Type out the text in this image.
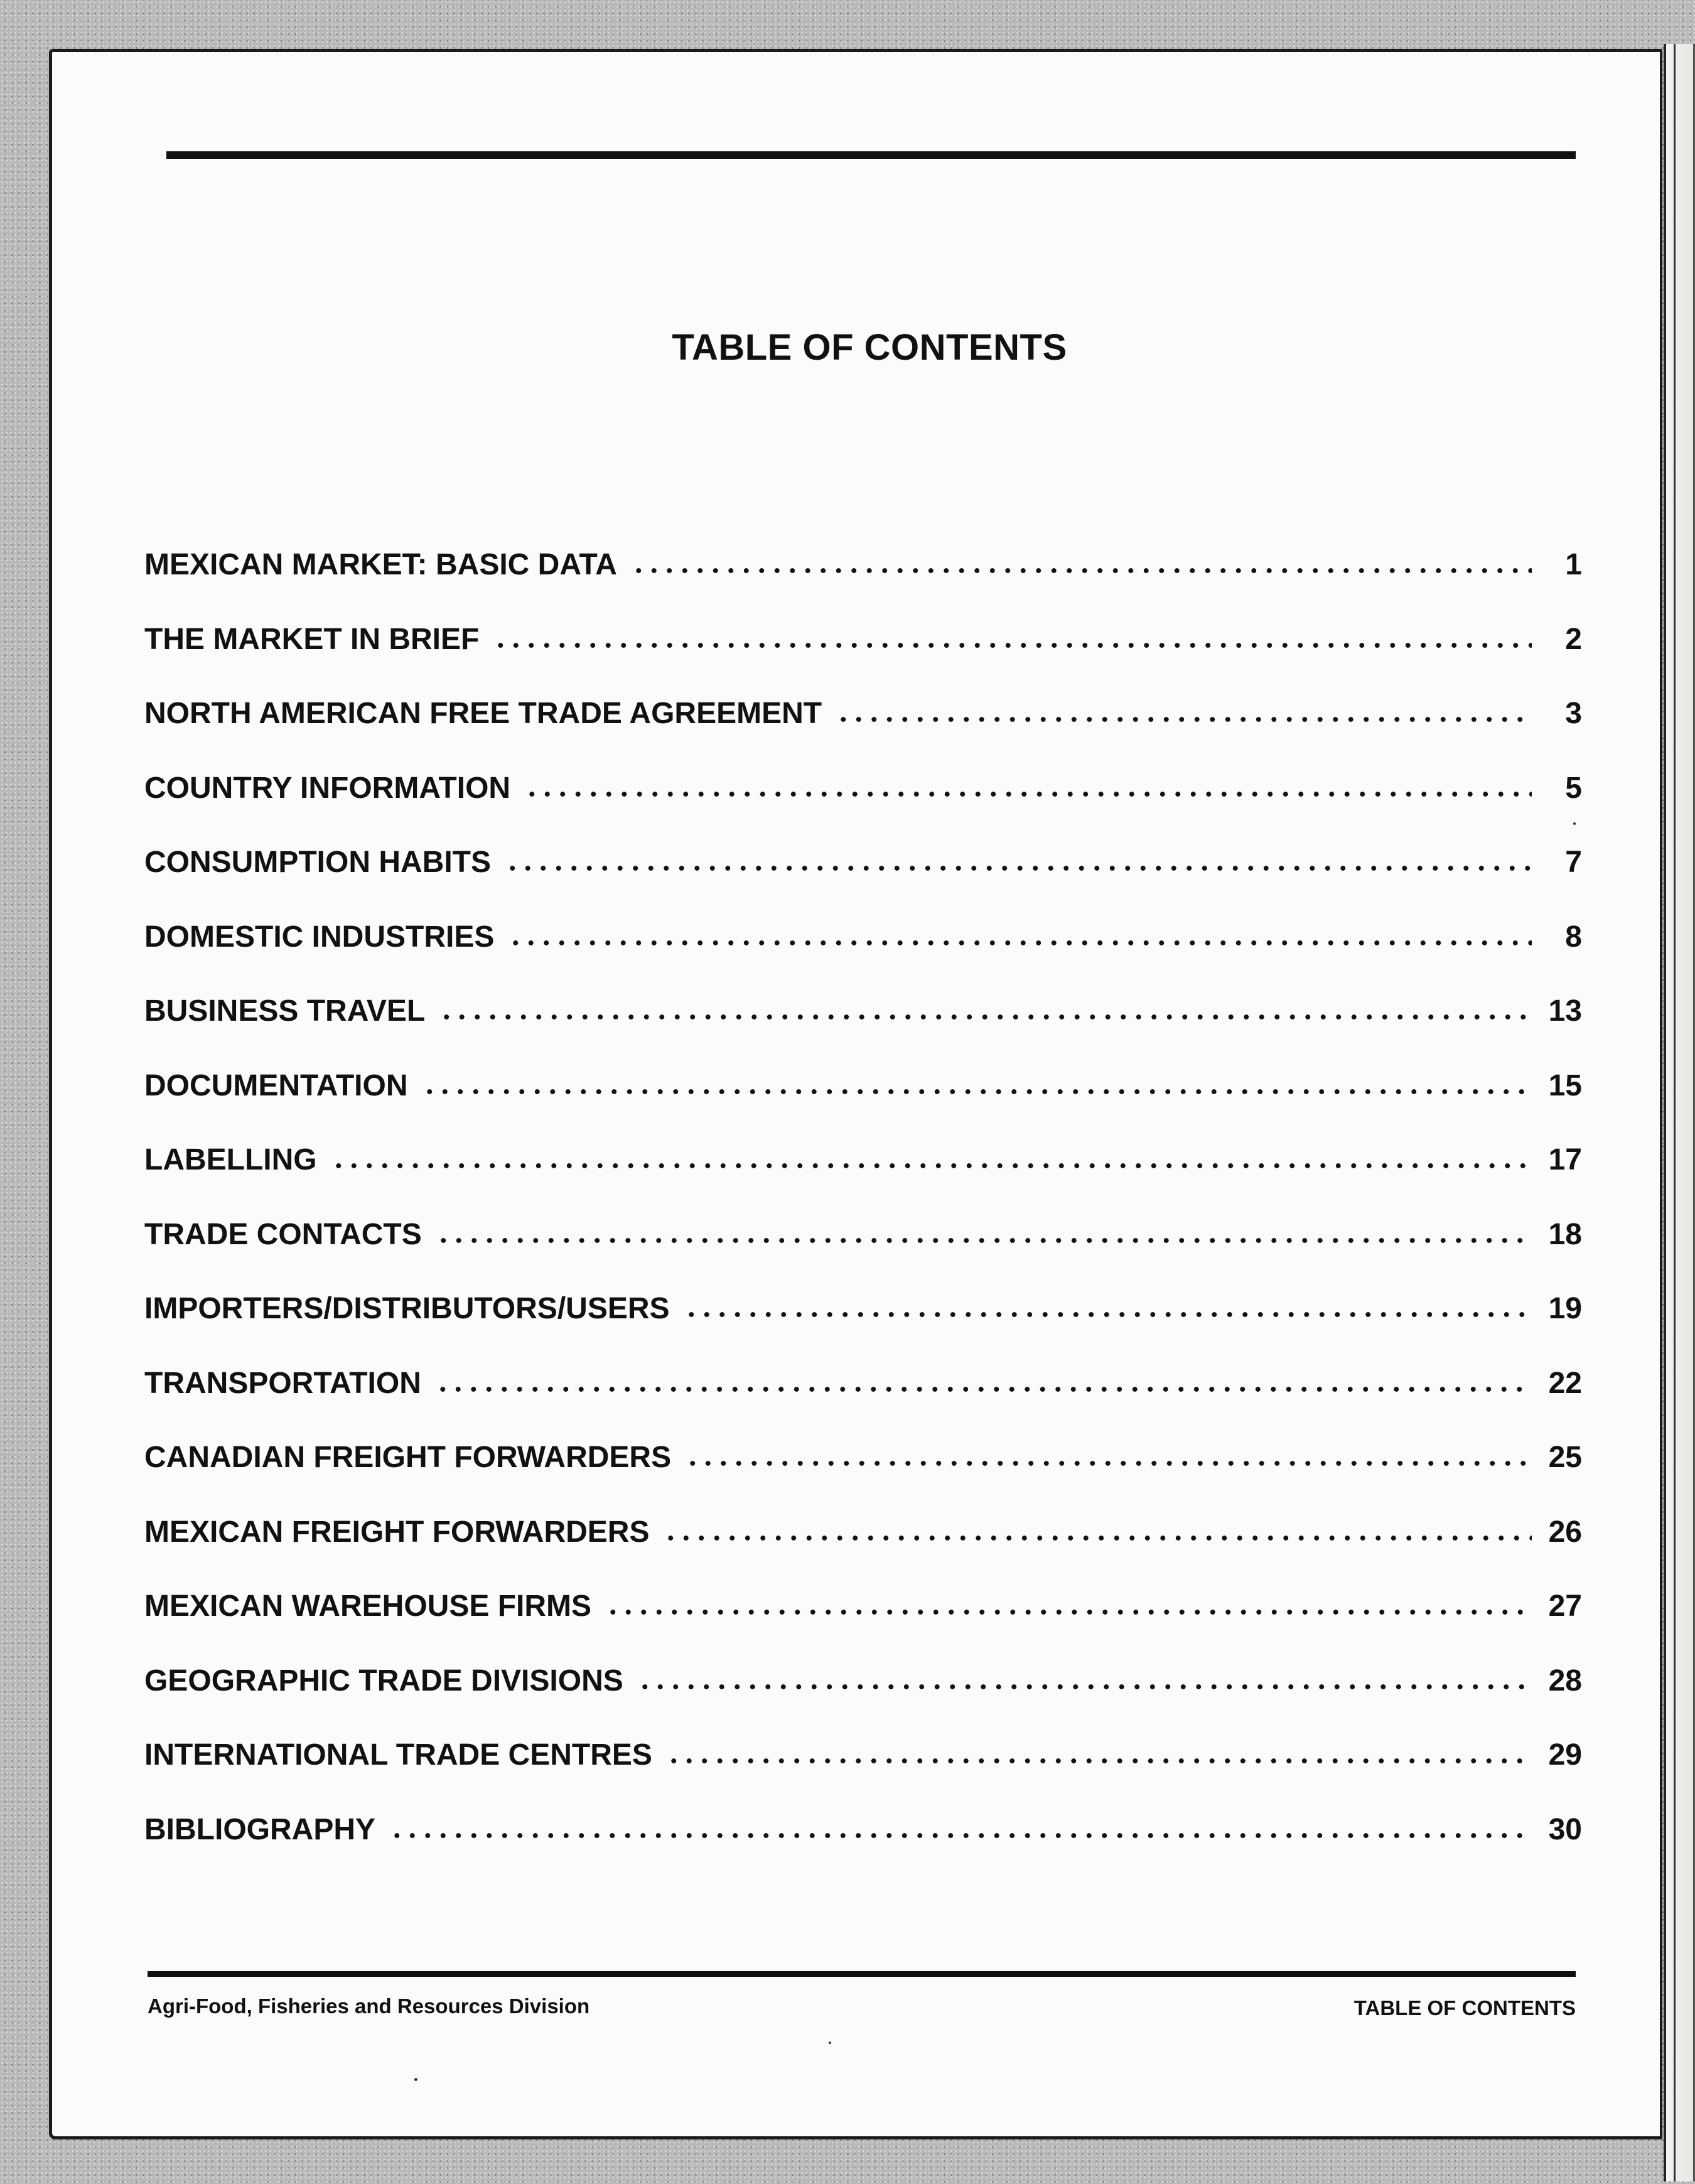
TABLE OF CONTENTS
MEXICAN MARKET: BASIC DATA	1
THE MARKET IN BRIEF	2
NORTH AMERICAN FREE TRADE AGREEMENT	3
COUNTRY INFORMATION	5
CONSUMPTION HABITS	7
DOMESTIC INDUSTRIES	8
BUSINESS TRAVEL	13
DOCUMENTATION	15
LABELLING	17
TRADE CONTACTS	18
IMPORTERS/DISTRIBUTORS/USERS	19
TRANSPORTATION	22
CANADIAN FREIGHT FORWARDERS	25
MEXICAN FREIGHT FORWARDERS	26
MEXICAN WAREHOUSE FIRMS	27
GEOGRAPHIC TRADE DIVISIONS	28
INTERNATIONAL TRADE CENTRES	29
BIBLIOGRAPHY	30
Agri-Food, Fisheries and Resources Division	TABLE OF CONTENTS
